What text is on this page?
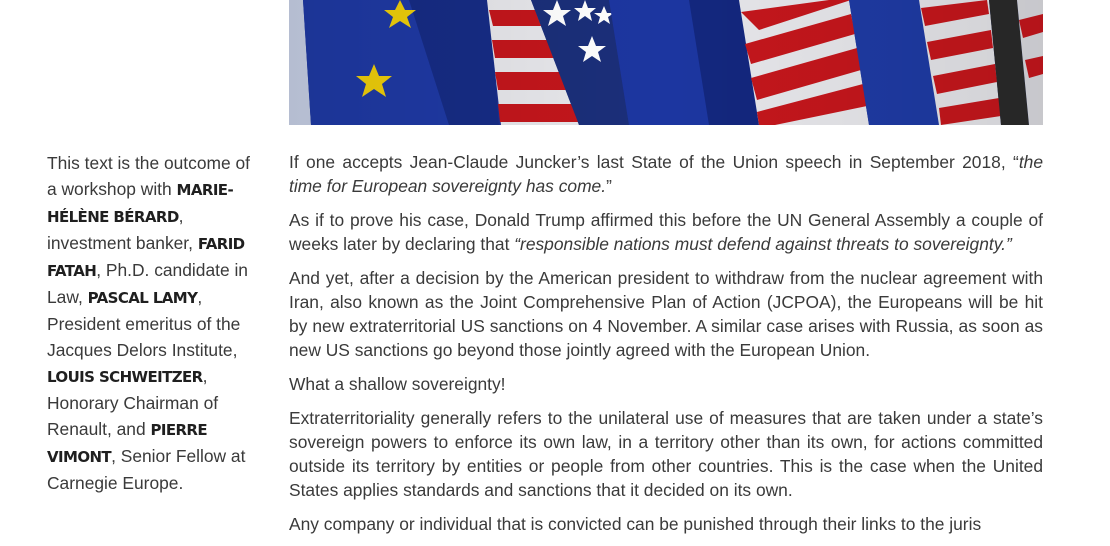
This text is the outcome of a workshop with MARIE-HÉLÈNE BÉRARD, investment banker, FARID FATAH, Ph.D. candidate in Law, PASCAL LAMY, President emeritus of the Jacques Delors Institute, LOUIS SCHWEITZER, Honorary Chairman of Renault, and PIERRE VIMONT, Senior Fellow at Carnegie Europe.

If one accepts Jean-Claude Juncker’s last State of the Union speech in September 2018, “the time for European sovereignty has come.”

As if to prove his case, Donald Trump affirmed this before the UN General Assembly a couple of weeks later by declaring that “responsible nations must defend against threats to sovereignty.”

And yet, after a decision by the American president to withdraw from the nuclear agreement with Iran, also known as the Joint Comprehensive Plan of Action (JCPOA), the Europeans will be hit by new extraterritorial US sanctions on 4 November. A similar case arises with Russia, as soon as new US sanctions go beyond those jointly agreed with the European Union.

What a shallow sovereignty!

Extraterritoriality generally refers to the unilateral use of measures that are taken under a state’s sovereign powers to enforce its own law, in a territory other than its own, for actions committed outside its territory by entities or people from other countries. This is the case when the United States applies standards and sanctions that it decided on its own.

Any company or individual that is convicted can be punished through their links to the juris
